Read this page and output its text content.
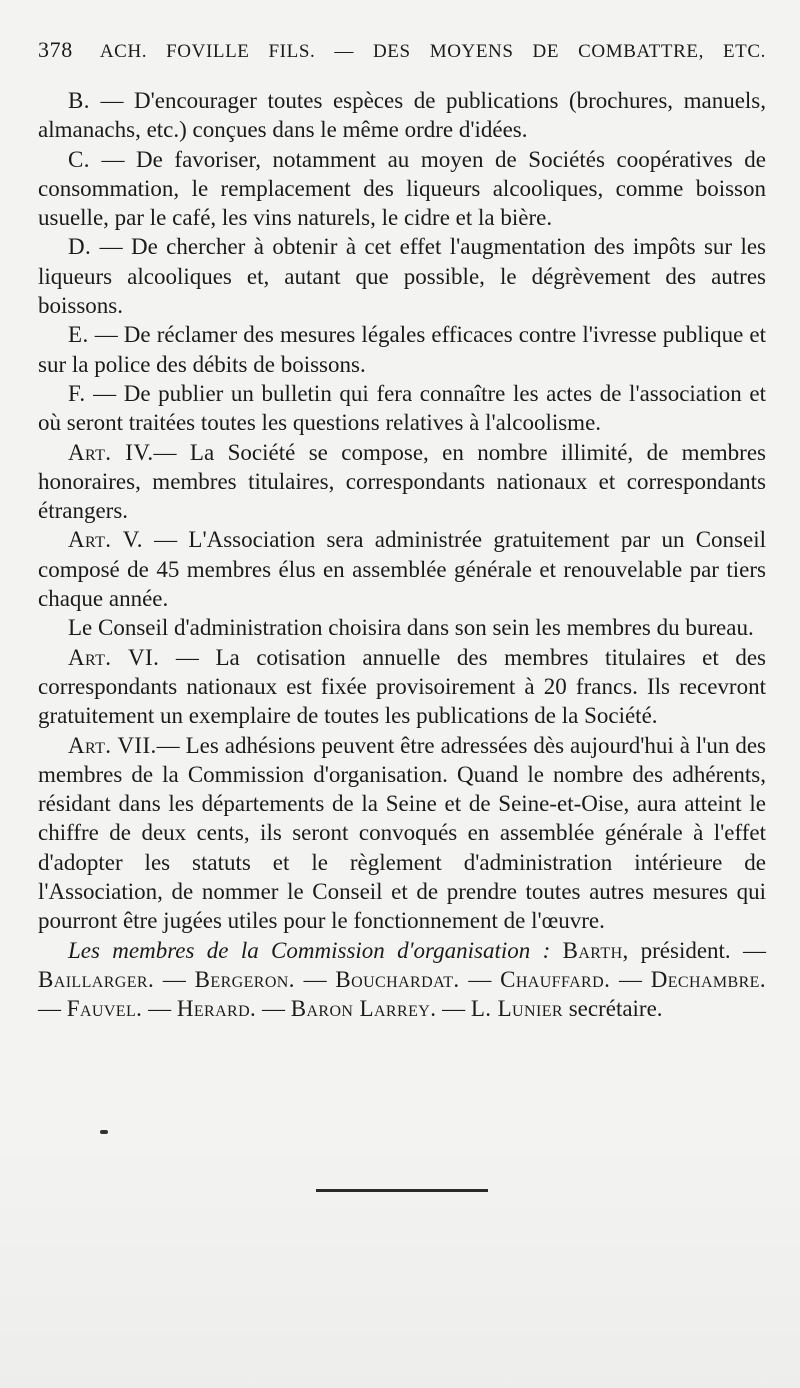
378 ACH. FOVILLE FILS. — DES MOYENS DE COMBATTRE, ETC.

B. — D'encourager toutes espèces de publications (brochures, manuels, almanachs, etc.) conçues dans le même ordre d'idées.

C. — De favoriser, notamment au moyen de Sociétés coopératives de consommation, le remplacement des liqueurs alcooliques, comme boisson usuelle, par le café, les vins naturels, le cidre et la bière.

D. — De chercher à obtenir à cet effet l'augmentation des impôts sur les liqueurs alcooliques et, autant que possible, le dégrèvement des autres boissons.

E. — De réclamer des mesures légales efficaces contre l'ivresse publique et sur la police des débits de boissons.

F. — De publier un bulletin qui fera connaître les actes de l'association et où seront traitées toutes les questions relatives à l'alcoolisme.

Art. IV.— La Société se compose, en nombre illimité, de membres honoraires, membres titulaires, correspondants nationaux et correspondants étrangers.

Art. V. — L'Association sera administrée gratuitement par un Conseil composé de 45 membres élus en assemblée générale et renouvelable par tiers chaque année.

Le Conseil d'administration choisira dans son sein les membres du bureau.

Art. VI. — La cotisation annuelle des membres titulaires et des correspondants nationaux est fixée provisoirement à 20 francs. Ils recevront gratuitement un exemplaire de toutes les publications de la Société.

Art. VII.— Les adhésions peuvent être adressées dès aujourd'hui à l'un des membres de la Commission d'organisation. Quand le nombre des adhérents, résidant dans les départements de la Seine et de Seine-et-Oise, aura atteint le chiffre de deux cents, ils seront convoqués en assemblée générale à l'effet d'adopter les statuts et le règlement d'administration intérieure de l'Association, de nommer le Conseil et de prendre toutes autres mesures qui pourront être jugées utiles pour le fonctionnement de l'œuvre.

Les membres de la Commission d'organisation : Barth, président. — Baillarger. — Bergeron. — Bouchardat. — Chauffard. — Dechambre. — Fauvel. — Herard. — Baron Larrey. — L. Lunier secrétaire.
